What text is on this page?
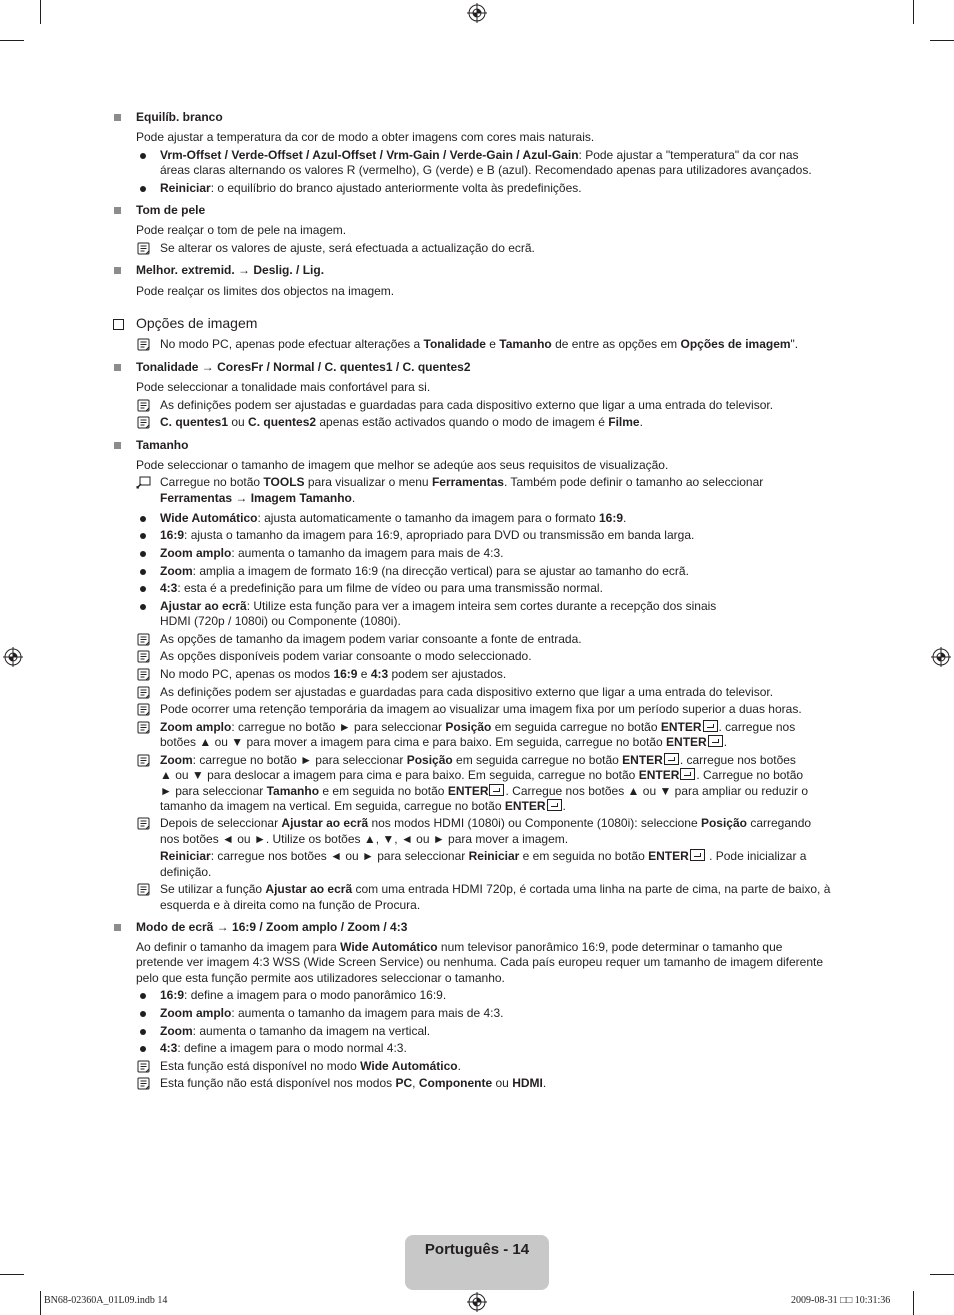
Equilíb. branco
Pode ajustar a temperatura da cor de modo a obter imagens com cores mais naturais.
Vrm-Offset / Verde-Offset / Azul-Offset / Vrm-Gain / Verde-Gain / Azul-Gain: Pode ajustar a "temperatura" da cor nas
áreas claras alternando os valores R (vermelho), G (verde) e B (azul). Recomendado apenas para utilizadores avançados.
Reiniciar: o equilíbrio do branco ajustado anteriormente volta às predefinições.
Tom de pele
Pode realçar o tom de pele na imagem.
Se alterar os valores de ajuste, será efectuada a actualização do ecrã.
Melhor. extremid. → Deslig. / Lig.
Pode realçar os limites dos objectos na imagem.
Opções de imagem
No modo PC, apenas pode efectuar alterações a Tonalidade e Tamanho de entre as opções em Opções de imagem".
Tonalidade → CoresFr / Normal / C. quentes1 / C. quentes2
Pode seleccionar a tonalidade mais confortável para si.
As definições podem ser ajustadas e guardadas para cada dispositivo externo que ligar a uma entrada do televisor.
C. quentes1 ou C. quentes2 apenas estão activados quando o modo de imagem é Filme.
Tamanho
Pode seleccionar o tamanho de imagem que melhor se adeqúe aos seus requisitos de visualização.
Carregue no botão TOOLS para visualizar o menu Ferramentas. Também pode definir o tamanho ao seleccionar
Ferramentas → Imagem Tamanho.
Wide Automático: ajusta automaticamente o tamanho da imagem para o formato 16:9.
16:9: ajusta o tamanho da imagem para 16:9, apropriado para DVD ou transmissão em banda larga.
Zoom amplo: aumenta o tamanho da imagem para mais de 4:3.
Zoom: amplia a imagem de formato 16:9 (na direcção vertical) para se ajustar ao tamanho do ecrã.
4:3: esta é a predefinição para um filme de vídeo ou para uma transmissão normal.
Ajustar ao ecrã: Utilize esta função para ver a imagem inteira sem cortes durante a recepção dos sinais
HDMI (720p / 1080i) ou Componente (1080i).
As opções de tamanho da imagem podem variar consoante a fonte de entrada.
As opções disponíveis podem variar consoante o modo seleccionado.
No modo PC, apenas os modos 16:9 e 4:3 podem ser ajustados.
As definições podem ser ajustadas e guardadas para cada dispositivo externo que ligar a uma entrada do televisor.
Pode ocorrer uma retenção temporária da imagem ao visualizar uma imagem fixa por um período superior a duas horas.
Zoom amplo: carregue no botão ► para seleccionar Posição em seguida carregue no botão ENTER . carregue nos
botões ▲ ou ▼ para mover a imagem para cima e para baixo. Em seguida, carregue no botão ENTER .
Zoom: carregue no botão ► para seleccionar Posição em seguida carregue no botão ENTER . carregue nos botões
▲ ou ▼ para deslocar a imagem para cima e para baixo. Em seguida, carregue no botão ENTER . Carregue no botão
► para seleccionar Tamanho e em seguida no botão ENTER . Carregue nos botões ▲ ou ▼ para ampliar ou reduzir o
tamanho da imagem na vertical. Em seguida, carregue no botão ENTER .
Depois de seleccionar Ajustar ao ecrã nos modos HDMI (1080i) ou Componente (1080i): seleccione Posição carregando
nos botões ◄ ou ►. Utilize os botões ▲, ▼, ◄ ou ► para mover a imagem.
Reiniciar: carregue nos botões ◄ ou ► para seleccionar Reiniciar e em seguida no botão ENTER . Pode inicializar a
definição.
Se utilizar a função Ajustar ao ecrã com uma entrada HDMI 720p, é cortada uma linha na parte de cima, na parte de baixo, à
esquerda e à direita como na função de Procura.
Modo de ecrã → 16:9 / Zoom amplo / Zoom / 4:3
Ao definir o tamanho da imagem para Wide Automático num televisor panorâmico 16:9, pode determinar o tamanho que
pretende ver imagem 4:3 WSS (Wide Screen Service) ou nenhuma. Cada país europeu requer um tamanho de imagem diferente
pelo que esta função permite aos utilizadores seleccionar o tamanho.
16:9: define a imagem para o modo panorâmico 16:9.
Zoom amplo: aumenta o tamanho da imagem para mais de 4:3.
Zoom: aumenta o tamanho da imagem na vertical.
4:3: define a imagem para o modo normal 4:3.
Esta função está disponível no modo Wide Automático.
Esta função não está disponível nos modos PC, Componente ou HDMI.
Português - 14
BN68-02360A_01L09.indb 14	2009-08-31 □□ 10:31:36
